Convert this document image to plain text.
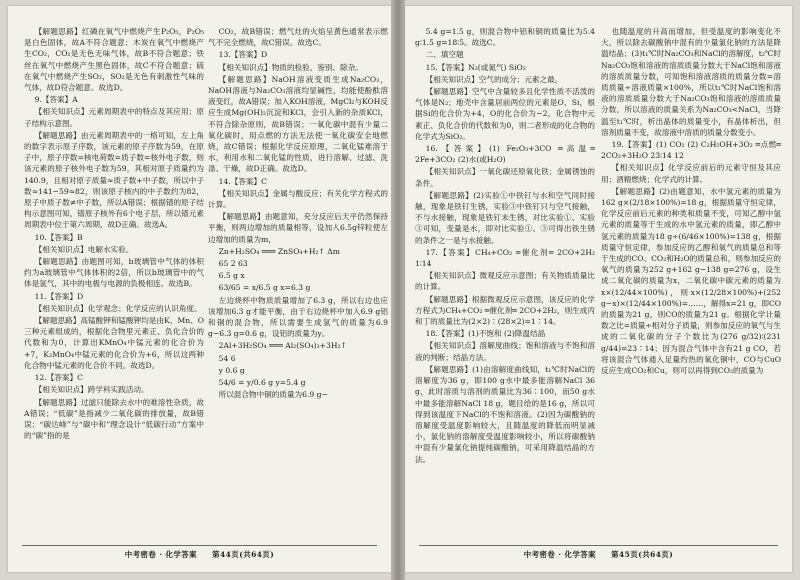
【解题思路】红磷在氧气中燃烧产生P₂O₅，P₂O₅是白色固体，故A不符合题意；木炭在氧气中燃烧产生CO₂，CO₂是无色无味气体，故B不符合题意；铁丝在氧气中燃烧产生黑色固体，故C不符合题意；硫在氧气中燃烧产生SO₂，SO₂是无色有刺激性气味的气体，故D符合题意。故选D。

9.【答案】A

【相关知识点】元素周期表中的特点及其应用；原子结构示意图。

【解题思路】由元素周期表中的一格可知，左上角的数字表示原子序数，该元素的原子序数为59，在原子中，原子序数=核电荷数=质子数=核外电子数，则该元素的原子核外电子数为59，其相对原子质量约为140.9，且相对原子质量≈质子数+中子数，所以中子数≈141−59≈82，则该原子核内的中子数约为82，原子中质子数≠中子数，所以A错误；根据镨的原子结构示意图可知，镨原子核外有6个电子层，所以镨元素周期表中位于第六周期，故D正确。故选A。

10.【答案】B

【相关知识点】电解水实验。

【解题思路】由题图可知，b玻璃管中气体的体积约为a玻璃管中气体体积的2倍，所以b玻璃管中的气体是氢气，其中的电极与电源的负极相连。故选B。

11.【答案】D

【相关知识点】化学观念；化学反应的认识角度。

【解题思路】高锰酸钾和锰酸钾均是由K、Mn、O三种元素组成的，根据化合物里元素正、负化合价的代数和为0，计算出KMnO₄中锰元素的化合价为+7，K₂MnO₄中锰元素的化合价为+6，所以这两种化合物中锰元素的化合价不同。故选D。

12.【答案】C

【相关知识点】跨学科实践活动。

【解题思路】过滤只能除去水中的难溶性杂质，故A错误；“低碳”是指减少二氧化碳的排放量，故B错误；“碳达峰”与“碳中和”理念设计“低碳行动”方案中的“碳”指的是

CO₂，故B错误；燃气灶的火焰呈黄色通常表示燃气不完全燃烧，故C错误。故选C。

13.【答案】D

【相关知识点】物质的检验、鉴别、除杂。

【解题思路】NaOH溶液变质生成Na₂CO₃，NaOH溶液与Na₂CO₃溶液均显碱性，均能使酚酞溶液变红，故A错误；加入KOH溶液，MgCl₂与KOH反应生成Mg(OH)₂沉淀和KCl，会引入新的杂质KCl，不符合除杂原则，故B错误；一氧化碳中混有少量二氧化碳时，用点燃的方法无法使一氧化碳安全地燃烧，故C错误；根据化学反应原理，二氧化锰难溶于水，利用水和二氧化锰的性质，进行溶解、过滤、洗涤、干燥，故D正确。故选D。

14.【答案】C

【相关知识点】金属与酸反应；有关化学方程式的计算。

【解题思路】由题意知，充分反应后天平仍然保持平衡，则两边增加的质量相等，设加入6.5g锌粒使左边增加的质量为m，

Zn+H₂SO₄ ═══ ZnSO₄+H₂↑ Δm

65 2 63

6.5 g x

63/65 = x/6.5 g x=6.3 g

左边烧杯中物质质量增加了6.3 g，所以右边也应该增加6.3 g才能平衡，由于右边烧杯中加入6.9 g铝和铜的混合物，所以需要生成氢气的质量为6.9 g−6.3 g=0.6 g，设铝的质量为y。

2Al+3H₂SO₄ ═══ Al₂(SO₄)₃+3H₂↑

54 6

y 0.6 g

54/6 = y/0.6 g y=5.4 g

所以混合物中铜的质量为6.9 g−

中考密卷 · 化学答案 第44页(共64页)

5.4 g=1.5 g，则混合物中铝和铜的质量比为5.4 g∶1.5 g=18∶5。故选C。

二、填空题

15.【答案】N₂(或氮气) SiO₂

【相关知识点】空气的成分；元素之最。

【解题思路】空气中含量较多且化学性质不活泼的气体是N₂；地壳中含量居前两位的元素是O、Si，根据Si的化合价为+4，O的化合价为−2，化合物中元素正、负化合价的代数和为0，则二者形成的化合物的化学式为SiO₂。

16.【答案】(1) Fe₂O₃+3CO ═高温═ 2Fe+3CO₂ (2)水(或H₂O)

【相关知识点】一氧化碳还原氧化铁；金属锈蚀的条件。

【解题思路】(2)实验①中铁钉与水和空气同时接触，现象是铁钉生锈，实验③中铁钉只与空气接触，不与水接触，现象是铁钉未生锈，对比实验①、实验③可知，变量是水，即对比实验①、③可得出铁生锈的条件之一是与水接触。

17.【答案】CH₄+CO₂ ═催化剂═ 2CO+2H₂ 1∶14

【相关知识点】微观反应示意图；有关物质质量比的计算。

【解题思路】根据微观反应示意图，该反应的化学方程式为CH₄+CO₂ ═催化剂═ 2CO+2H₂，则生成丙和丁的质量比为(2×2)∶(28×2)=1∶14。

18.【答案】(1)不饱和 (2)降温结晶

【相关知识点】溶解度曲线；饱和溶液与不饱和溶液的判断；结晶方法。

【解题思路】(1)由溶解度曲线知，t₁℃时NaCl的溶解度为36 g，即100 g水中最多能溶解NaCl 36 g，此时溶质与溶剂的质量比为36∶100，而50 g水中最多能溶解NaCl 18 g，题目给的是16 g，所以可得到该温度下NaCl的不饱和溶液。(2)因为碳酸钠的溶解度受温度影响较大，且随温度的降低而明显减小，氯化钠的溶解度受温度影响较小，所以将碳酸钠中混有少量氯化钠提纯碳酸钠，可采用降温结晶的方法。

也随温度的升高而增加，但受温度的影响变化不大，所以除去碳酸钠中混有的少量氯化钠的方法是降温结晶；(3)t₁℃时Na₂CO₃和NaCl的溶解度，t₂℃时Na₂CO₃饱和溶液的溶质质量分数大于NaCl饱和溶液的溶质质量分数，可知饱和溶液溶质的质量分数=溶质质量÷溶液质量×100%，所以t₁℃时NaCl饱和溶液的溶质质量分数大于Na₂CO₃饱和溶液的溶质质量分数，所以溶液的质量关系为Na₂CO₃<NaCl，当降温至t₁℃时，析出晶体的质量变小，有晶体析出，但溶剂质量不变，故溶液中溶质的质量分数变小。

19.【答案】(1) CO₂ (2) C₂H₅OH+3O₂ ═点燃═ 2CO₂+3H₂O 23∶14 12

【相关知识点】化学反应前后的元素守恒及其应用；酒精燃烧；化学式的计算。

【解题思路】(2)由题意知，水中氢元素的质量为162 g×(2/18×100%)=18 g，根据质量守恒定律，化学反应前后元素的种类和质量不变，可知乙醇中氢元素的质量等于生成的水中氢元素的质量，即乙醇中氢元素的质量为18 g÷(6/46×100%)=138 g，根据质量守恒定律，参加反应的乙醇和氧气的质量总和等于生成的CO、CO₂和H₂O的质量总和，则参加反应的氧气的质量为252 g+162 g−138 g=276 g，设生成二氧化碳的质量为x，二氧化碳中碳元素的质量为x×(12/44×100%)，则x×(12/28×100%)+(252 g−x)×(12/44×100%)=……，解得x=21 g，即CO的质量为21 g，则CO的质量为21 g。根据化学计量数之比=质量÷相对分子质量，则参加反应的氧气与生成的二氧化碳的分子个数比为(276 g/32)∶(231 g/44)=23∶14；因为混合气体中含有21 g CO，若将该混合气体通入足量灼热的氧化铜中，CO与CuO反应生成CO₂和Cu，则可以再得到CO₂的质量为

中考密卷 · 化学答案 第45页(共64页)
